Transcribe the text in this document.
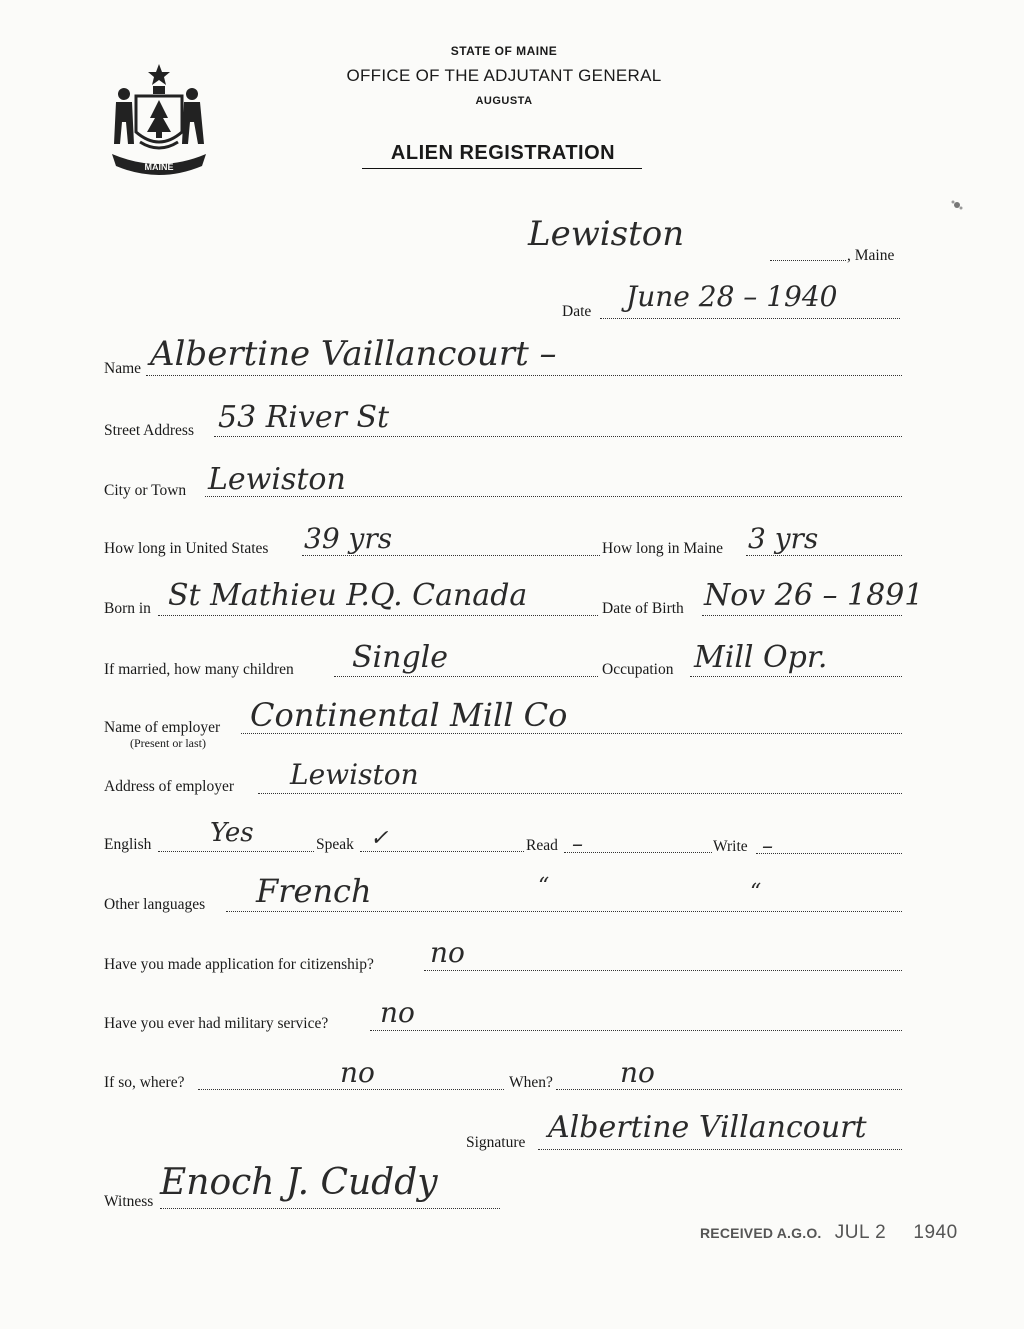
MAINE
STATE OF MAINE
OFFICE OF THE ADJUTANT GENERAL
AUGUSTA
ALIEN REGISTRATION
Lewiston
, Maine
Date June 28 – 1940
Name Albertine Vaillancourt –
Street Address 53 River St
City or Town Lewiston
How long in United States 39 yrs	How long in Maine 3 yrs
Born in St Mathieu P.Q. Canada	Date of Birth Nov 26 – 1891
If married, how many children Single	Occupation Mill Opr.
Name of employer
(Present or last)
Continental Mill Co
Address of employer Lewiston
English Yes	Speak ✓	Read –	Write –
Other languages French	“	“
Have you made application for citizenship? no
Have you ever had military service? no
If so, where?	no	When? no
Signature Albertine Villancourt
Witness Enoch J. Cuddy
RECEIVED A.G.O. JUL 2 1940
